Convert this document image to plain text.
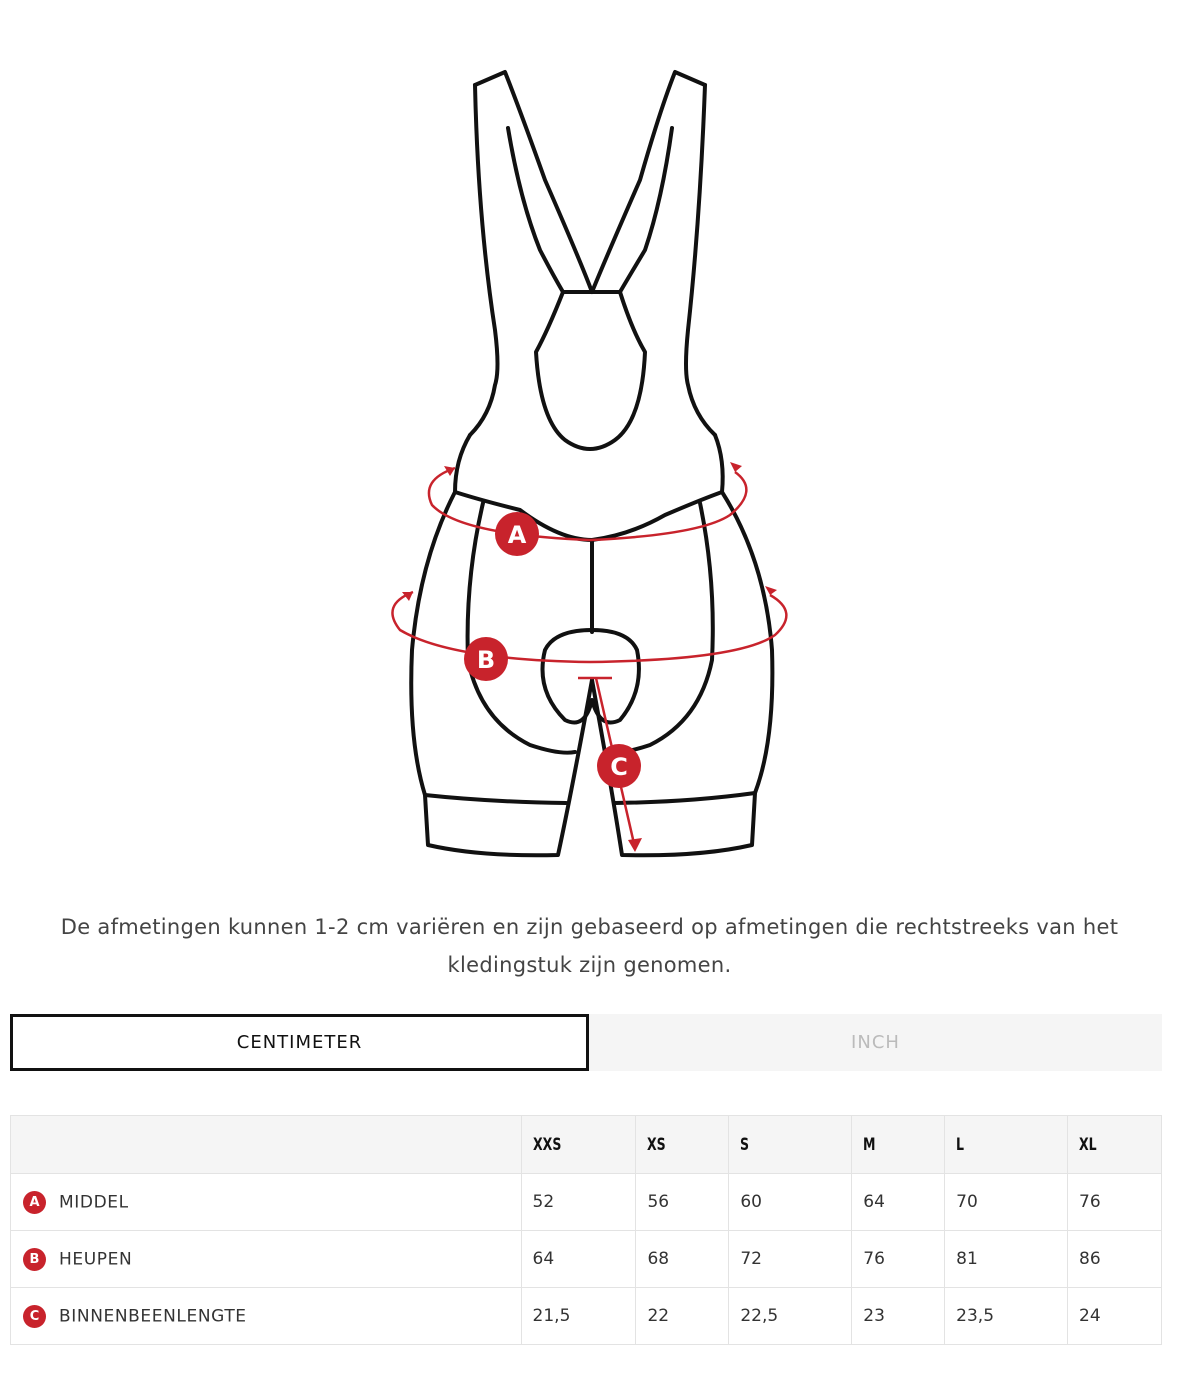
A
B
C

De afmetingen kunnen 1-2 cm variëren en zijn gebaseerd op afmetingen die rechtstreeks van het kledingstuk zijn genomen.

CENTIMETER	INCH
	XXS	XS	S	M	L	XL
A MIDDEL	52	56	60	64	70	76
B HEUPEN	64	68	72	76	81	86
C BINNENBEENLENGTE	21,5	22	22,5	23	23,5	24
